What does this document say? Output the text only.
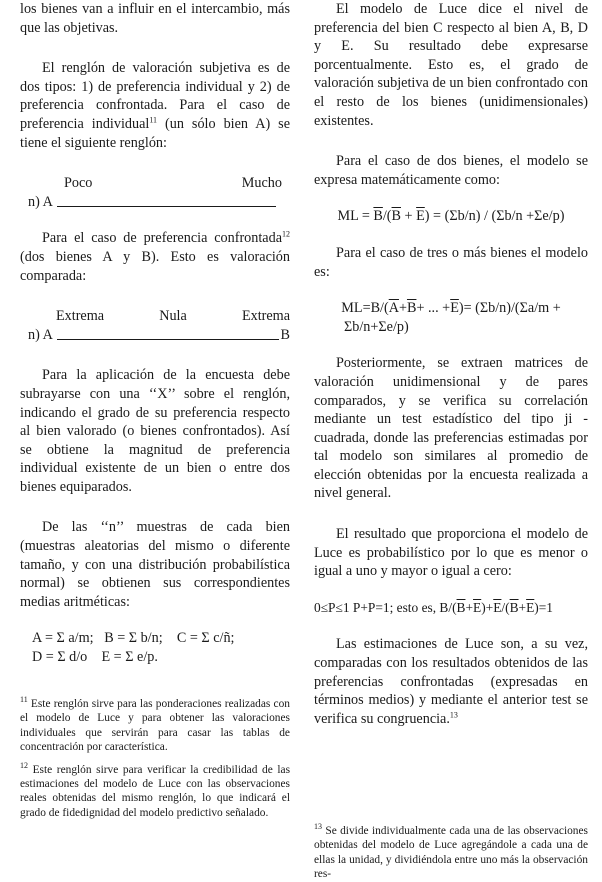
los bienes van a influir en el intercambio, más que las objetivas.

El renglón de valoración subjetiva es de dos tipos: 1) de preferencia individual y 2) de preferencia confrontada. Para el caso de preferencia individual$^{11}$ (un sólo bien A) se tiene el siguiente renglón:

Poco	Mucho
n) A

Para el caso de preferencia confrontada$^{12}$ (dos bienes A y B). Esto es valoración comparada:

Extrema	Nula	Extrema
n) A	B

Para la aplicación de la encuesta debe subrayarse con una ‘‘X’’ sobre el renglón, indicando el grado de su preferencia respecto al bien valorado (o bienes confrontados). Así se obtiene la magnitud de preferencia individual existente de un bien o entre dos bienes equiparados.

De las ‘‘n’’ muestras de cada bien (muestras aleatorias del mismo o diferente tamaño, y con una distribución probabilística normal) se obtienen sus correspondientes medias aritméticas:

A = Σ a/m;   B = Σ b/n;    C = Σ c/ñ;
D = Σ d/o    E = Σ e/p.

$^{11}$ Este renglón sirve para las ponderaciones realizadas con el modelo de Luce y para obtener las valoraciones individuales que servirán para casar las tablas de concentración por característica.

$^{12}$ Este renglón sirve para verificar la credibilidad de las estimaciones del modelo de Luce con las observaciones reales obtenidas del mismo renglón, lo que indicará el grado de fidedignidad del modelo predictivo señalado.

El modelo de Luce dice el nivel de preferencia del bien C respecto al bien A, B, D y E. Su resultado debe expresarse porcentualmente. Esto es, el grado de valoración subjetiva de un bien confrontado con el resto de los bienes (unidimensionales) existentes.

Para el caso de dos bienes, el modelo se expresa matemáticamente como:

ML = $\overline{B}/(\overline{B} + \overline{E}) = (\Sigma b/n) / (\Sigma b/n +\Sigma e/p)$

Para el caso de tres o más bienes el modelo es:

$ML=B/(\overline{A}+\overline{B}+$ ... $+\overline{E})= (\Sigma b/n)/(\Sigma a/m$ +
Σb/n+Σe/p)

Posteriormente, se extraen matrices de valoración unidimensional y de pares comparados, y se verifica su correlación mediante un test estadístico del tipo ji - cuadrada, donde las preferencias estimadas por tal modelo son similares al promedio de elección obtenidas por la encuesta realizada a nivel general.

El resultado que proporciona el modelo de Luce es probabilístico por lo que es menor o igual a uno y mayor o igual a cero:

0≤P≤1 P+P=1; esto es, $B/(\overline{B}+\overline{E})+\overline{E}/(\overline{B}+\overline{E})=1$

Las estimaciones de Luce son, a su vez, comparadas con los resultados obtenidos de las preferencias confrontadas (expresadas en términos medios) y mediante el anterior test se verifica su congruencia.$^{13}$

$^{13}$ Se divide individualmente cada una de las observaciones obtenidas del modelo de Luce agregándole a cada una de ellas la unidad, y dividiéndola entre uno más la observación res-
